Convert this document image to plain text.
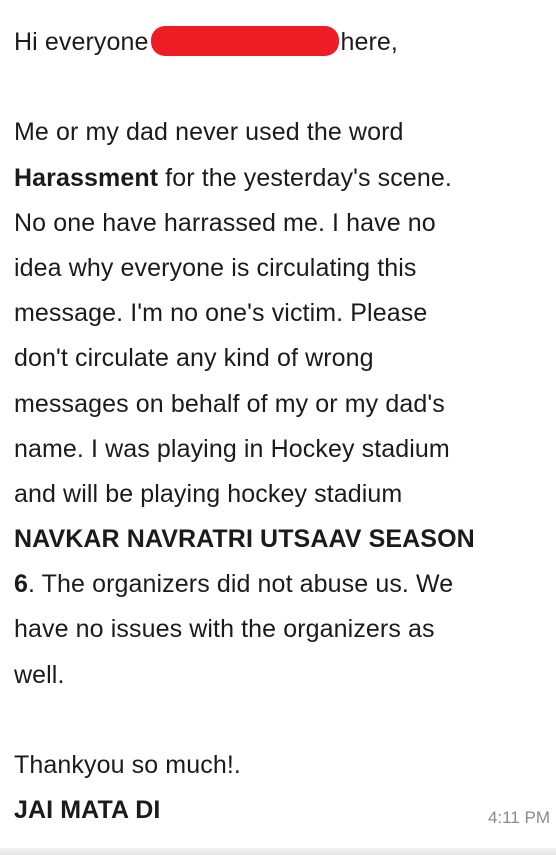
Hi everyone	here,
Me or my dad never used the word
Harassment for the yesterday's scene.
No one have harrassed me. I have no
idea why everyone is circulating this
message. I'm no one's victim. Please
don't circulate any kind of wrong
messages on behalf of my or my dad's
name. I was playing in Hockey stadium
and will be playing hockey stadium
NAVKAR NAVRATRI UTSAAV SEASON
6. The organizers did not abuse us. We
have no issues with the organizers as
well.
Thankyou so much!.
JAI MATA DI	4:11 PM
